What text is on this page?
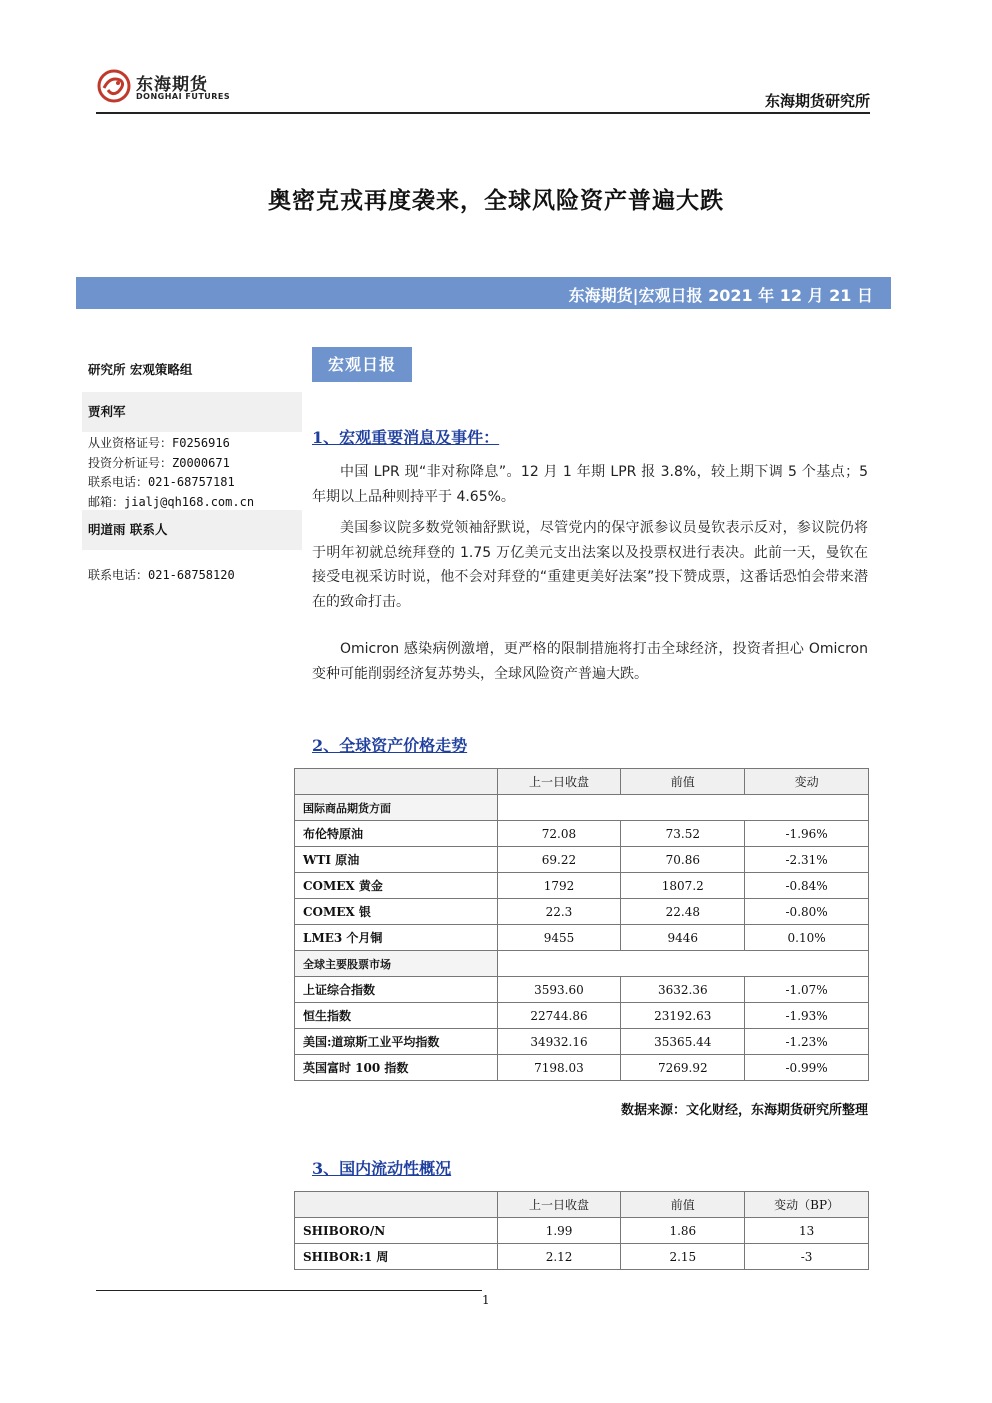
东海期货
DONGHAI FUTURES	东海期货研究所
奥密克戎再度袭来，全球风险资产普遍大跌
东海期货|宏观日报 2021 年 12 月 21 日
研究所 宏观策略组
贾利军
从业资格证号：F0256916
投资分析证号：Z0000671
联系电话：021-68757181
邮箱：jialj@qh168.com.cn
明道雨 联系人
联系电话：021-68758120
宏观日报
1、宏观重要消息及事件：
中国 LPR 现“非对称降息”。12 月 1 年期 LPR 报 3.8%，较上期下调 5 个基点；5 年期以上品种则持平于 4.65%。
美国参议院多数党领袖舒默说，尽管党内的保守派参议员曼钦表示反对，参议院仍将于明年初就总统拜登的 1.75 万亿美元支出法案以及投票权进行表决。此前一天，曼钦在接受电视采访时说，他不会对拜登的“重建更美好法案”投下赞成票，这番话恐怕会带来潜在的致命打击。
Omicron 感染病例激增，更严格的限制措施将打击全球经济，投资者担心 Omicron 变种可能削弱经济复苏势头，全球风险资产普遍大跌。
2、全球资产价格走势
	上一日收盘	前值	变动
国际商品期货方面			
布伦特原油	72.08	73.52	-1.96%
WTI 原油	69.22	70.86	-2.31%
COMEX 黄金	1792	1807.2	-0.84%
COMEX 银	22.3	22.48	-0.80%
LME3 个月铜	9455	9446	0.10%
全球主要股票市场			
上证综合指数	3593.60	3632.36	-1.07%
恒生指数	22744.86	23192.63	-1.93%
美国:道琼斯工业平均指数	34932.16	35365.44	-1.23%
英国富时 100 指数	7198.03	7269.92	-0.99%
数据来源：文化财经，东海期货研究所整理
3、国内流动性概况
	上一日收盘	前值	变动（BP）
SHIBORO/N	1.99	1.86	13
SHIBOR:1 周	2.12	2.15	-3
1
